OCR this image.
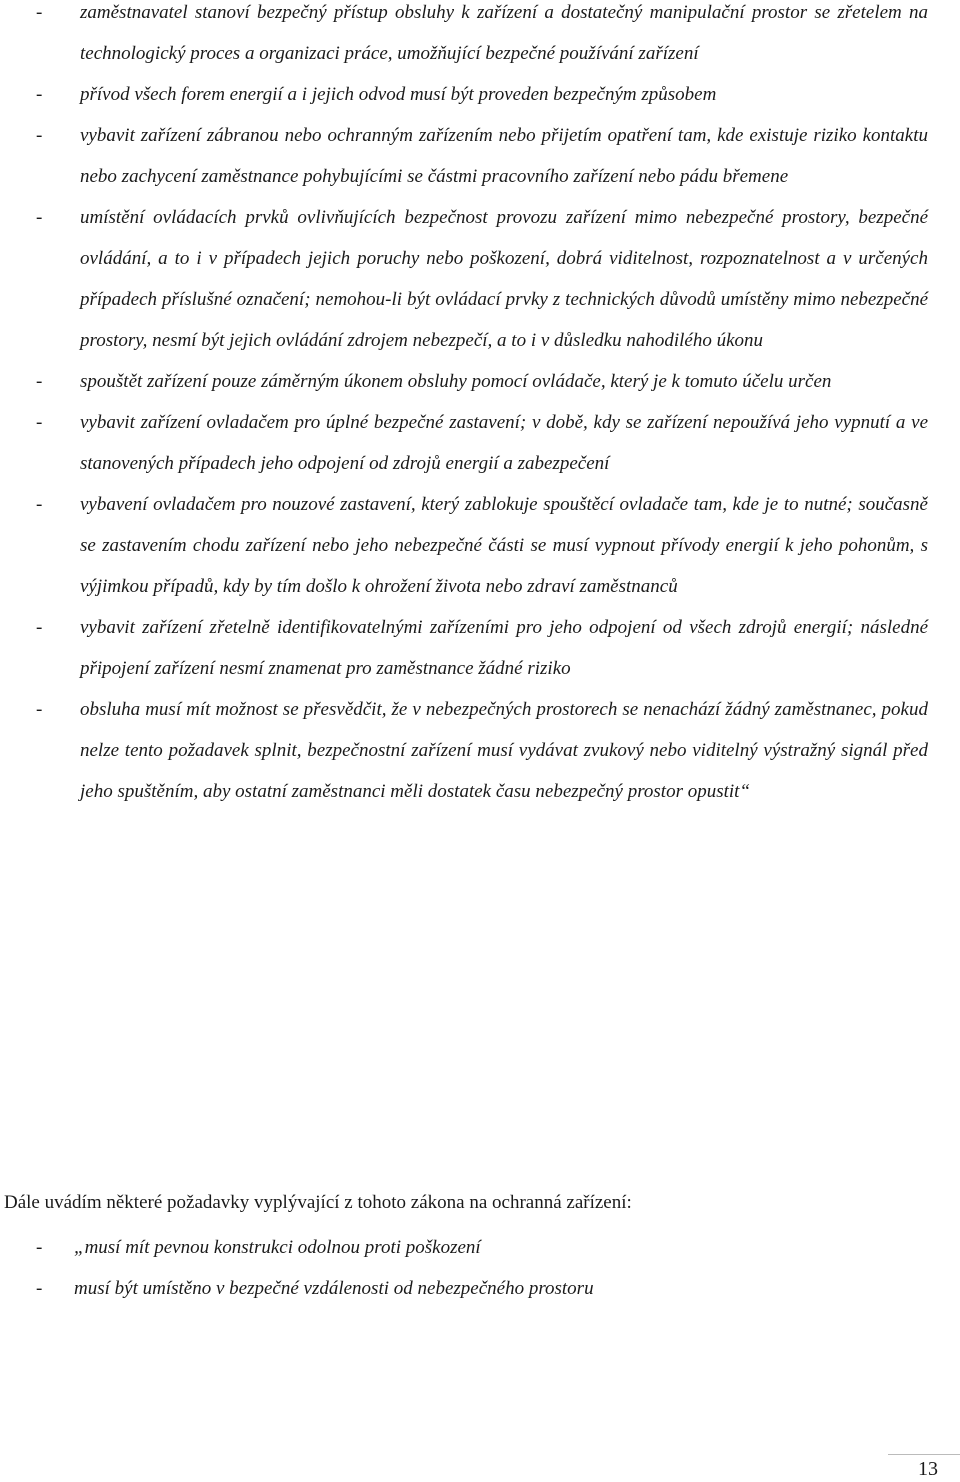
- zaměstnavatel stanoví bezpečný přístup obsluhy k zařízení a dostatečný manipulační prostor se zřetelem na technologický proces a organizaci práce, umožňující bezpečné používání zařízení
- přívod všech forem energií a i jejich odvod musí být proveden bezpečným způsobem
- vybavit zařízení zábranou nebo ochranným zařízením nebo přijetím opatření tam, kde existuje riziko kontaktu nebo zachycení zaměstnance pohybujícími se částmi pracovního zařízení nebo pádu břemene
- umístění ovládacích prvků ovlivňujících bezpečnost provozu zařízení mimo nebezpečné prostory, bezpečné ovládání, a to i v případech jejich poruchy nebo poškození, dobrá viditelnost, rozpoznatelnost a v určených případech příslušné označení; nemohou-li být ovládací prvky z technických důvodů umístěny mimo nebezpečné prostory, nesmí být jejich ovládání zdrojem nebezpečí, a to i v důsledku nahodilého úkonu
- spouštět zařízení pouze záměrným úkonem obsluhy pomocí ovládače, který je k tomuto účelu určen
- vybavit zařízení ovladačem pro úplné bezpečné zastavení; v době, kdy se zařízení nepoužívá jeho vypnutí a ve stanovených případech jeho odpojení od zdrojů energií a zabezpečení
- vybavení ovladačem pro nouzové zastavení, který zablokuje spouštěcí ovladače tam, kde je to nutné; současně se zastavením chodu zařízení nebo jeho nebezpečné části se musí vypnout přívody energií k jeho pohonům, s výjimkou případů, kdy by tím došlo k ohrožení života nebo zdraví zaměstnanců
- vybavit zařízení zřetelně identifikovatelnými zařízeními pro jeho odpojení od všech zdrojů energií; následné připojení zařízení nesmí znamenat pro zaměstnance žádné riziko
- obsluha musí mít možnost se přesvědčit, že v nebezpečných prostorech se nenachází žádný zaměstnanec, pokud nelze tento požadavek splnit, bezpečnostní zařízení musí vydávat zvukový nebo viditelný výstražný signál před jeho spuštěním, aby ostatní zaměstnanci měli dostatek času nebezpečný prostor opustit“

Dále uvádím některé požadavky vyplývající z tohoto zákona na ochranná zařízení:

- „musí mít pevnou konstrukci odolnou proti poškození
- musí být umístěno v bezpečné vzdálenosti od nebezpečného prostoru
13
